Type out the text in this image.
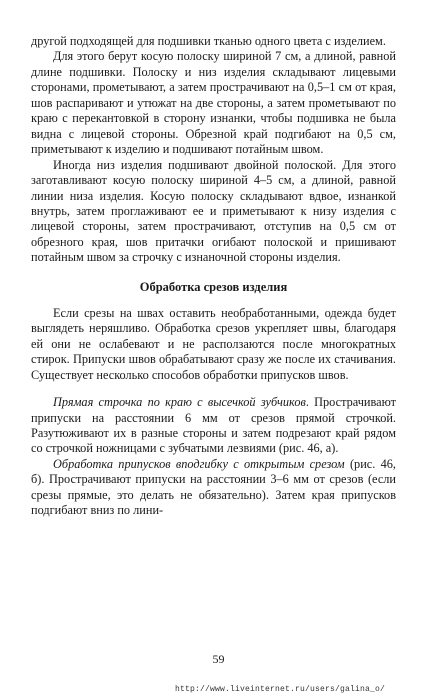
другой подходящей для подшивки тканью одного цвета с изделием.

Для этого берут косую полоску шириной 7 см, а длиной, равной длине подшивки. Полоску и низ изделия складывают лицевыми сторонами, прометывают, а затем прострачивают на 0,5–1 см от края, шов распаривают и утюжат на две стороны, а затем прометывают по краю с перекантовкой в сторону изнанки, чтобы подшивка не была видна с лицевой стороны. Обрезной край подгибают на 0,5 см, приметывают к изделию и подшивают потайным швом.

Иногда низ изделия подшивают двойной полоской. Для этого заготавливают косую полоску шириной 4–5 см, а длиной, равной линии низа изделия. Косую полоску складывают вдвое, изнанкой внутрь, затем проглаживают ее и приметывают к низу изделия с лицевой стороны, затем прострачивают, отступив на 0,5 см от обрезного края, шов притачки огибают полоской и пришивают потайным швом за строчку с изнаночной стороны изделия.

Обработка срезов изделия

Если срезы на швах оставить необработанными, одежда будет выглядеть неряшливо. Обработка срезов укрепляет швы, благодаря ей они не ослабевают и не расползаются после многократных стирок. Припуски швов обрабатывают сразу же после их стачивания. Существует несколько способов обработки припусков швов.

Прямая строчка по краю с высечкой зубчиков. Прострачивают припуски на расстоянии 6 мм от срезов прямой строчкой. Разутюживают их в разные стороны и затем подрезают край рядом со строчкой ножницами с зубчатыми лезвиями (рис. 46, а).

Обработка припусков вподгибку с открытым срезом (рис. 46, б). Прострачивают припуски на расстоянии 3–6 мм от срезов (если срезы прямые, это делать не обязательно). Затем края припусков подгибают вниз по лини-

59
http://www.liveinternet.ru/users/galina_o/
